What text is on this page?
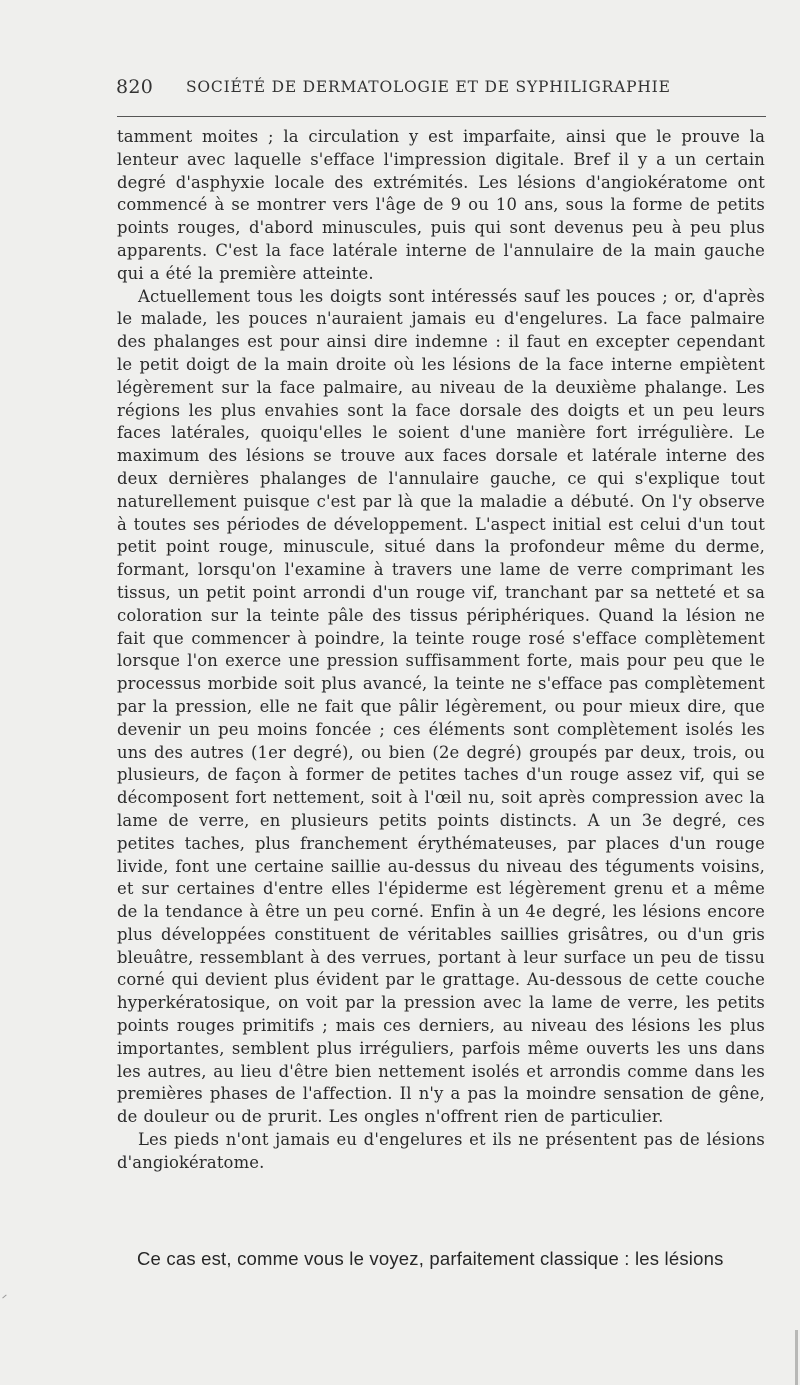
820 SOCIÉTÉ DE DERMATOLOGIE ET DE SYPHILIGRAPHIE

tamment moites ; la circulation y est imparfaite, ainsi que le prouve la lenteur avec laquelle s'efface l'impression digitale. Bref il y a un certain degré d'asphyxie locale des extrémités. Les lésions d'angiokératome ont commencé à se montrer vers l'âge de 9 ou 10 ans, sous la forme de petits points rouges, d'abord minuscules, puis qui sont devenus peu à peu plus apparents. C'est la face latérale interne de l'annulaire de la main gauche qui a été la première atteinte.

Actuellement tous les doigts sont intéressés sauf les pouces ; or, d'après le malade, les pouces n'auraient jamais eu d'engelures. La face palmaire des phalanges est pour ainsi dire indemne : il faut en excepter cependant le petit doigt de la main droite où les lésions de la face interne empiètent légèrement sur la face palmaire, au niveau de la deuxième phalange. Les régions les plus envahies sont la face dorsale des doigts et un peu leurs faces latérales, quoiqu'elles le soient d'une manière fort irrégulière. Le maximum des lésions se trouve aux faces dorsale et latérale interne des deux dernières phalanges de l'annulaire gauche, ce qui s'explique tout naturellement puisque c'est par là que la maladie a débuté. On l'y observe à toutes ses périodes de développement. L'aspect initial est celui d'un tout petit point rouge, minuscule, situé dans la profondeur même du derme, formant, lorsqu'on l'examine à travers une lame de verre comprimant les tissus, un petit point arrondi d'un rouge vif, tranchant par sa netteté et sa coloration sur la teinte pâle des tissus périphériques. Quand la lésion ne fait que commencer à poindre, la teinte rouge rosé s'efface complètement lorsque l'on exerce une pression suffisamment forte, mais pour peu que le processus morbide soit plus avancé, la teinte ne s'efface pas complètement par la pression, elle ne fait que pâlir légèrement, ou pour mieux dire, que devenir un peu moins foncée ; ces éléments sont complètement isolés les uns des autres (1er degré), ou bien (2e degré) groupés par deux, trois, ou plusieurs, de façon à former de petites taches d'un rouge assez vif, qui se décomposent fort nettement, soit à l'œil nu, soit après compression avec la lame de verre, en plusieurs petits points distincts. A un 3e degré, ces petites taches, plus franchement érythémateuses, par places d'un rouge livide, font une certaine saillie au-dessus du niveau des téguments voisins, et sur certaines d'entre elles l'épiderme est légèrement grenu et a même de la tendance à être un peu corné. Enfin à un 4e degré, les lésions encore plus développées constituent de véritables saillies grisâtres, ou d'un gris bleuâtre, ressemblant à des verrues, portant à leur surface un peu de tissu corné qui devient plus évident par le grattage. Au-dessous de cette couche hyperkératosique, on voit par la pression avec la lame de verre, les petits points rouges primitifs ; mais ces derniers, au niveau des lésions les plus importantes, semblent plus irréguliers, parfois même ouverts les uns dans les autres, au lieu d'être bien nettement isolés et arrondis comme dans les premières phases de l'affection. Il n'y a pas la moindre sensation de gêne, de douleur ou de prurit. Les ongles n'offrent rien de particulier.

Les pieds n'ont jamais eu d'engelures et ils ne présentent pas de lésions d'angiokératome.

Ce cas est, comme vous le voyez, parfaitement classique : les lésions
